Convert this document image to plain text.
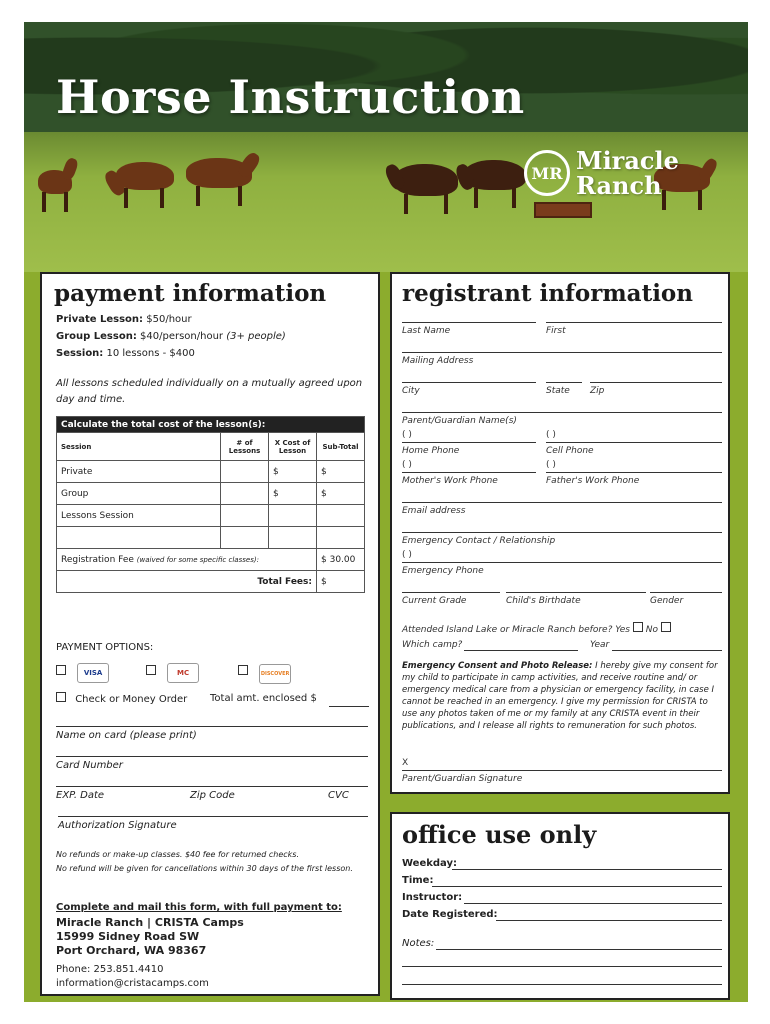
Horse Instruction
MR Miracle
Ranch
payment information
Private Lesson: $50/hour
Group Lesson: $40/person/hour (3+ people)
Session: 10 lessons - $400
All lessons scheduled individually on a mutually agreed upon day and time.
Calculate the total cost of the lesson(s):			
Session	# of Lessons	X Cost of Lesson	Sub-Total
Private		$	$
Group		$	$
Lessons Session			

Registration Fee (waived for some specific classes):			$ 30.00
Total Fees:			$
PAYMENT OPTIONS:
VISA	MC	DISCOVER
Check or Money Order Total amt. enclosed $
Name on card (please print)
Card Number
EXP. Date	Zip Code	CVC
Authorization Signature
No refunds or make-up classes. $40 fee for returned checks.
No refund will be given for cancellations within 30 days of the first lesson.
Complete and mail this form, with full payment to:
Miracle Ranch | CRISTA Camps
15999 Sidney Road SW
Port Orchard, WA 98367
Phone: 253.851.4410
information@cristacamps.com
registrant information
Last Name	First
Mailing Address
City	State Zip
Parent/Guardian Name(s)
( )	( )
Home Phone	Cell Phone
( )	( )
Mother's Work Phone	Father's Work Phone
Email address
Emergency Contact / Relationship
( )
Emergency Phone
Current Grade	Child's Birthdate	Gender
Attended Island Lake or Miracle Ranch before? Yes No
Which camp?	Year
Emergency Consent and Photo Release: I hereby give my consent for my child to participate in camp activities, and receive routine and/ or emergency medical care from a physician or emergency facility, in case I cannot be reached in an emergency. I give my permission for CRISTA to use any photos taken of me or my family at any CRISTA event in their publications, and I release all rights to remuneration for such photos.
X
Parent/Guardian Signature
office use only
Weekday:
Time:
Instructor:
Date Registered:
Notes:
